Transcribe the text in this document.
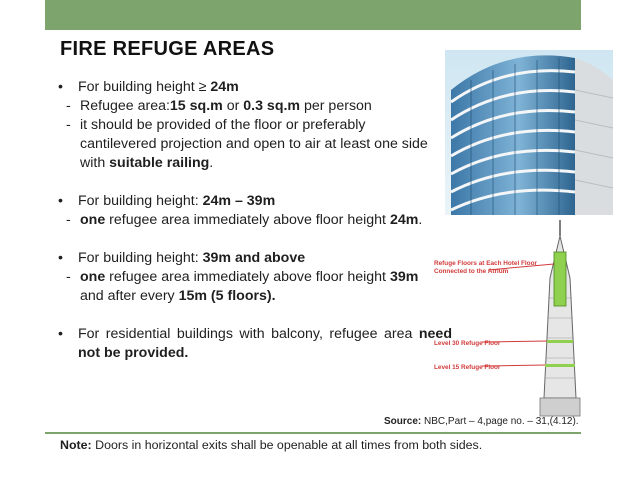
FIRE REFUGE AREAS
• For building height ≥ 24m
- Refugee area:15 sq.m or 0.3 sq.m per person
- it should be provided of the floor or preferably cantilevered projection and open to air at least one side with suitable railing.
• For building height: 24m – 39m
- one refugee area immediately above floor height 24m.
• For building height: 39m and above
- one refugee area immediately above floor height 39m and after every 15m (5 floors).
• For residential buildings with balcony, refugee area need not be provided.
Refuge Floors at Each Hotel Floor
Connected to the Atrium
Level 30 Refuge Floor
Level 15 Refuge Floor
Source: NBC,Part – 4,page no. – 31,(4.12).
Note: Doors in horizontal exits shall be openable at all times from both sides.
